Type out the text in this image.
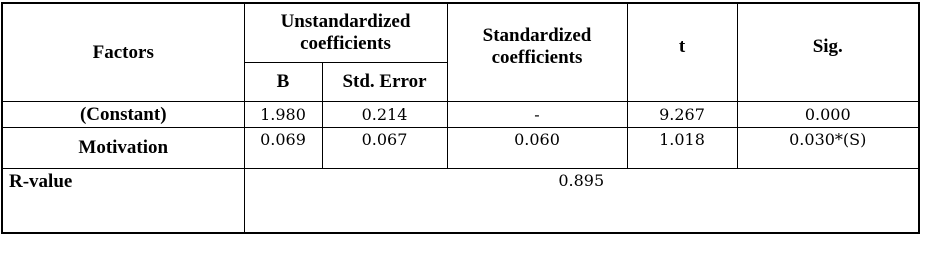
Factors	Unstandardized coefficients		Standardized coefficients	t	Sig.
	B	Std. Error			
(Constant)	1.980	0.214	-	9.267	0.000
Motivation	0.069	0.067	0.060	1.018	0.030*(S)
R-value	0.895				
